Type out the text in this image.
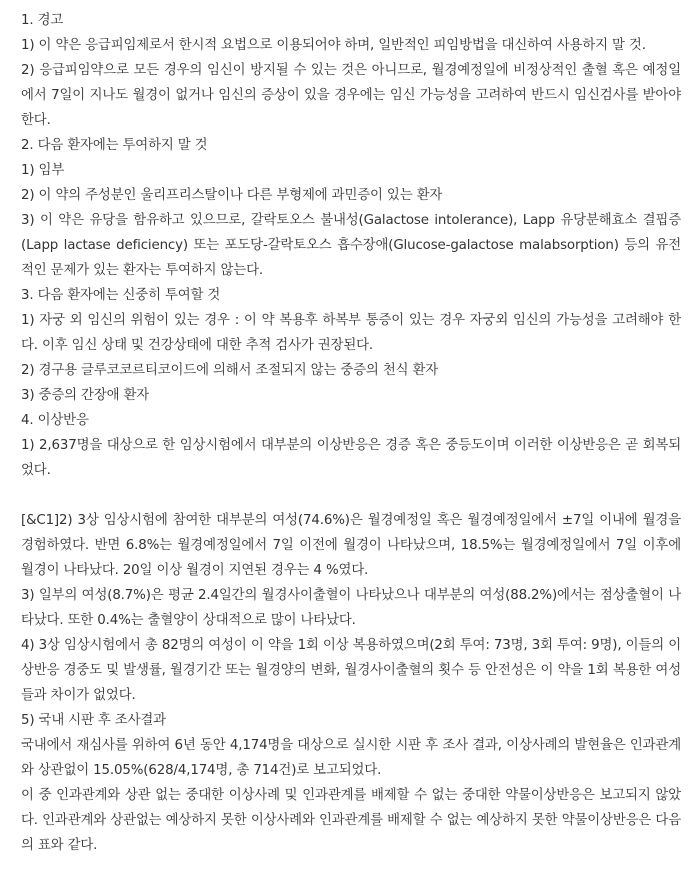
1. 경고

1) 이 약은 응급피임제로서 한시적 요법으로 이용되어야 하며, 일반적인 피임방법을 대신하여 사용하지 말 것.

2) 응급피임약으로 모든 경우의 임신이 방지될 수 있는 것은 아니므로, 월경예정일에 비정상적인 출혈 혹은 예정일에서 7일이 지나도 월경이 없거나 임신의 증상이 있을 경우에는 임신 가능성을 고려하여 반드시 임신검사를 받아야 한다.

2. 다음 환자에는 투여하지 말 것

1) 임부

2) 이 약의 주성분인 울리프리스탈이나 다른 부형제에 과민증이 있는 환자

3) 이 약은 유당을 함유하고 있으므로, 갈락토오스 불내성(Galactose intolerance), Lapp 유당분해효소 결핍증(Lapp lactase deficiency) 또는 포도당-갈락토오스 흡수장애(Glucose-galactose malabsorption) 등의 유전적인 문제가 있는 환자는 투여하지 않는다.

3. 다음 환자에는 신중히 투여할 것

1) 자궁 외 임신의 위험이 있는 경우 : 이 약 복용후 하복부 통증이 있는 경우 자궁외 임신의 가능성을 고려해야 한다. 이후 임신 상태 및 건강상태에 대한 추적 검사가 권장된다.

2) 경구용 글루코코르티코이드에 의해서 조절되지 않는 중증의 천식 환자

3) 중증의 간장애 환자

4. 이상반응

1) 2,637명을 대상으로 한 임상시험에서 대부분의 이상반응은 경증 혹은 중등도이며 이러한 이상반응은 곧 회복되었다.

[&C1]2) 3상 임상시험에 참여한 대부분의 여성(74.6%)은 월경예정일 혹은 월경예정일에서 ±7일 이내에 월경을 경험하였다. 반면 6.8%는 월경예정일에서 7일 이전에 월경이 나타났으며, 18.5%는 월경예정일에서 7일 이후에 월경이 나타났다. 20일 이상 월경이 지연된 경우는 4 %였다.

3) 일부의 여성(8.7%)은 평균 2.4일간의 월경사이출혈이 나타났으나 대부분의 여성(88.2%)에서는 점상출혈이 나타났다. 또한 0.4%는 출혈양이 상대적으로 많이 나타났다.

4) 3상 임상시험에서 총 82명의 여성이 이 약을 1회 이상 복용하였으며(2회 투여: 73명, 3회 투여: 9명), 이들의 이상반응 경중도 및 발생률, 월경기간 또는 월경양의 변화, 월경사이출혈의 횟수 등 안전성은 이 약을 1회 복용한 여성들과 차이가 없었다.

5) 국내 시판 후 조사결과

국내에서 재심사를 위하여 6년 동안 4,174명을 대상으로 실시한 시판 후 조사 결과, 이상사례의 발현율은 인과관계와 상관없이 15.05%(628/4,174명, 총 714건)로 보고되었다.

이 중 인과관계와 상관 없는 중대한 이상사례 및 인과관계를 배제할 수 없는 중대한 약물이상반응은 보고되지 않았다. 인과관계와 상관없는 예상하지 못한 이상사례와 인과관계를 배제할 수 없는 예상하지 못한 약물이상반응은 다음의 표와 같다.
